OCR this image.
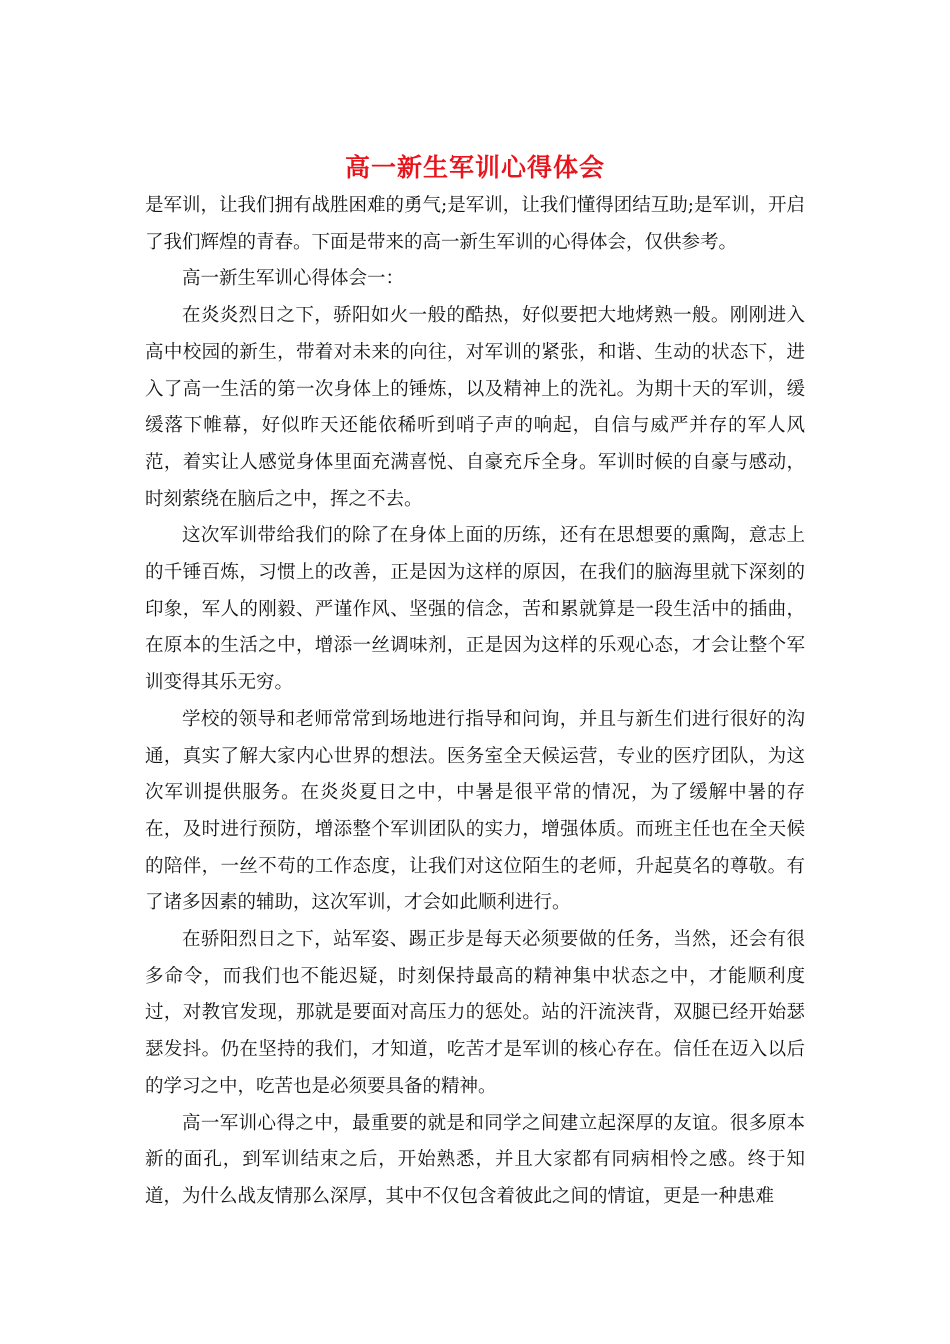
高一新生军训心得体会

是军训，让我们拥有战胜困难的勇气;是军训，让我们懂得团结互助;是军训，开启了我们辉煌的青春。下面是带来的高一新生军训的心得体会，仅供参考。

高一新生军训心得体会一：

在炎炎烈日之下，骄阳如火一般的酷热，好似要把大地烤熟一般。刚刚进入高中校园的新生，带着对未来的向往，对军训的紧张，和谐、生动的状态下，进入了高一生活的第一次身体上的锤炼，以及精神上的洗礼。为期十天的军训，缓缓落下帷幕，好似昨天还能依稀听到哨子声的响起，自信与威严并存的军人风范，着实让人感觉身体里面充满喜悦、自豪充斥全身。军训时候的自豪与感动，时刻萦绕在脑后之中，挥之不去。

这次军训带给我们的除了在身体上面的历练，还有在思想要的熏陶，意志上的千锤百炼，习惯上的改善，正是因为这样的原因，在我们的脑海里就下深刻的印象，军人的刚毅、严谨作风、坚强的信念，苦和累就算是一段生活中的插曲，在原本的生活之中，增添一丝调味剂，正是因为这样的乐观心态，才会让整个军训变得其乐无穷。

学校的领导和老师常常到场地进行指导和问询，并且与新生们进行很好的沟通，真实了解大家内心世界的想法。医务室全天候运营，专业的医疗团队，为这次军训提供服务。在炎炎夏日之中，中暑是很平常的情况，为了缓解中暑的存在，及时进行预防，增添整个军训团队的实力，增强体质。而班主任也在全天候的陪伴，一丝不苟的工作态度，让我们对这位陌生的老师，升起莫名的尊敬。有了诸多因素的辅助，这次军训，才会如此顺利进行。

在骄阳烈日之下，站军姿、踢正步是每天必须要做的任务，当然，还会有很多命令，而我们也不能迟疑，时刻保持最高的精神集中状态之中，才能顺利度过，对教官发现，那就是要面对高压力的惩处。站的汗流浃背，双腿已经开始瑟瑟发抖。仍在坚持的我们，才知道，吃苦才是军训的核心存在。信任在迈入以后的学习之中，吃苦也是必须要具备的精神。

高一军训心得之中，最重要的就是和同学之间建立起深厚的友谊。很多原本新的面孔，到军训结束之后，开始熟悉，并且大家都有同病相怜之感。终于知道，为什么战友情那么深厚，其中不仅包含着彼此之间的情谊，更是一种患难
